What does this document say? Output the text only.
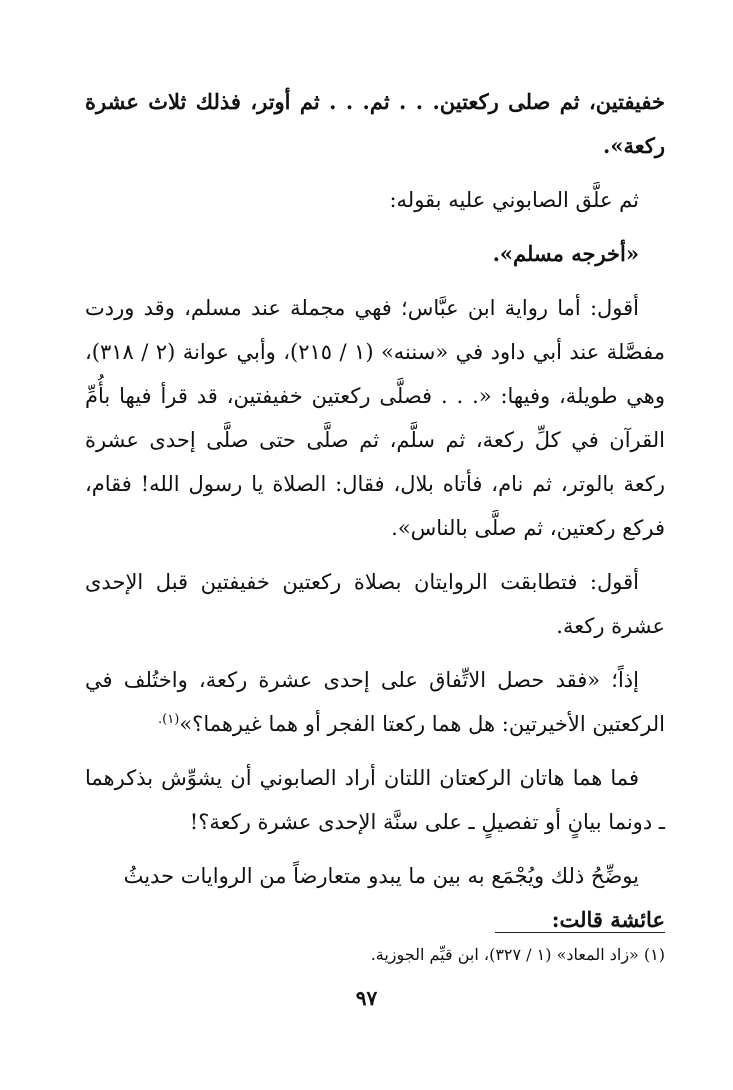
خفيفتين، ثم صلى ركعتين. . . ثم. . . ثم أوتر، فذلك ثلاث عشرة ركعة».

ثم علَّق الصابوني عليه بقوله:

«أخرجه مسلم».

أقول: أما رواية ابن عبَّاس؛ فهي مجملة عند مسلم، وقد وردت مفصَّلة عند أبي داود في «سننه» (١ / ٢١٥)، وأبي عوانة (٢ / ٣١٨)، وهي طويلة، وفيها: «. . . فصلَّى ركعتين خفيفتين، قد قرأ فيها بأُمِّ القرآن في كلِّ ركعة، ثم سلَّم، ثم صلَّى حتى صلَّى إحدى عشرة ركعة بالوتر، ثم نام، فأتاه بلال، فقال: الصلاة يا رسول الله! فقام، فركع ركعتين، ثم صلَّى بالناس».

أقول: فتطابقت الروايتان بصلاة ركعتين خفيفتين قبل الإحدى عشرة ركعة.

إذاً؛ «فقد حصل الاتِّفاق على إحدى عشرة ركعة، واختُلف في الركعتين الأخيرتين: هل هما ركعتا الفجر أو هما غيرهما؟»$^{(١).}$

فما هما هاتان الركعتان اللتان أراد الصابوني أن يشوِّش بذكرهما ـ دونما بيانٍ أو تفصيلٍ ـ على سنَّة الإحدى عشرة ركعة؟!

يوضِّحُ ذلك ويُجْمَع به بين ما يبدو متعارضاً من الروايات حديثُ

عائشة قالت:

(١) «زاد المعاد» (١ / ٣٢٧)، ابن قيِّم الجوزية.
٩٧
